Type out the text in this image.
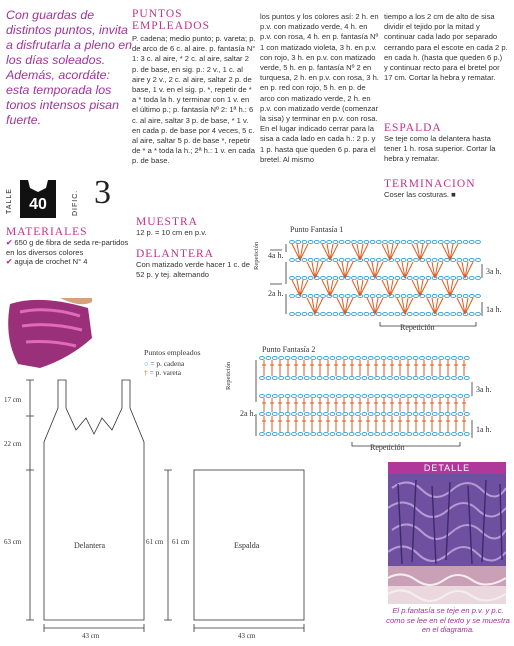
Con guardas de distintos puntos, invita a disfrutarla a pleno en los días soleados. Además, acordáte: esta temporada los tonos intensos pisan fuerte.
TALLE	40	DIFIC. 3
MATERIALES
✔ 650 g de fibra de seda re-partidos en los diversos colores
✔ aguja de crochet N° 4
PUNTOS EMPLEADOS
P. cadena; medio punto; p. vareta; p. de arco de 6 c. al aire. p. fantasía N° 1: 3 c. al aire, * 2 c. al aire, saltar 2 p. de base, en sig. p.: 2 v., 1 c. al aire y 2 v., 2 c. al aire, saltar 2 p. de base, 1 v. en el sig. p. *, repetir de * a * toda la h. y terminar con 1 v. en el último p.; p. fantasía Nº 2: 1ª h.: 6 c. al aire, saltar 3 p. de base, * 1 v. en cada p. de base por 4 veces, 5 c. al aire, saltar 5 p. de base *, repetir de * a * toda la h.; 2ª h.: 1 v. en cada p. de base.
MUESTRA
12 p. = 10 cm en p.v.
DELANTERA
Con matizado verde hacer 1 c. de 52 p. y tej. alternando
los puntos y los colores así: 2 h. en p.v. con matizado verde, 4 h. en p.v. con rosa, 4 h. en p. fantasía Nº 1 con matizado violeta, 3 h. en p.v. con rojo, 3 h. en p.v. con matizado verde, 5 h. en p. fantasía Nº 2 en turquesa, 2 h. en p.v. con rosa, 3 h. en p. red con rojo, 5 h. en p. de arco con matizado verde, 2 h. en p.v. con matizado verde (comenzar la sisa) y terminar en p.v. con rosa. En el lugar indicado cerrar para la sisa a cada lado en cada h.: 2 p. y 1 p. hasta que queden 6 p. para el bretel. Al mismo
tiempo a los 2 cm de alto de sisa dividir el tejido por la mitad y continuar cada lado por separado cerrando para el escote en cada 2 p. en cada h. (hasta que queden 6 p.) y continuar recto para el bretel por 17 cm. Cortar la hebra y rematar.
ESPALDA
Se teje como la delantera hasta tener 1 h. rosa superior. Cortar la hebra y rematar.
TERMINACION
Coser las costuras. ■
Punto Fantasía 1
Repetición 4a h.
2a h.
3a h.
1a h.
Repetición
Puntos empleados
○ = p. cadena
† = p. vareta
Punto Fantasía 2
Repetición
2a h.
3a h.
1a h.
Repetición
Delantera	Espalda
17 cm
22 cm
63 cm	61 cm 61 cm
43 cm	43 cm
DETALLE
El p.fantasía se teje en p.v. y p.c. como se lee en el texto y se muestra en el diagrama.
